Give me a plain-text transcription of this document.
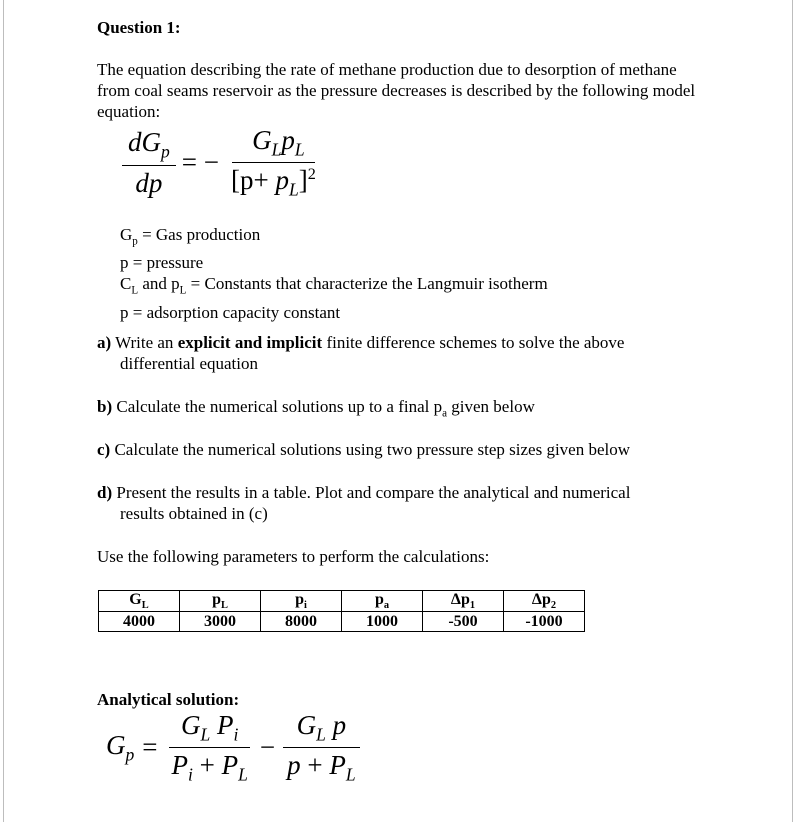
Question 1:
The equation describing the rate of methane production due to desorption of methane from coal seams reservoir as the pressure decreases is described by the following model equation:
$\frac{dG_p}{dp}$ = − $\frac{G_Lp_L}{[p+ p_L]^2}$
$G_p$ = Gas production
p = pressure
$C_L$ and $p_L$ = Constants that characterize the Langmuir isotherm
p = adsorption capacity constant
a) Write an explicit and implicit finite difference schemes to solve the above
differential equation
b) Calculate the numerical solutions up to a final $p_a$ given below
c) Calculate the numerical solutions using two pressure step sizes given below
d) Present the results in a table. Plot and compare the analytical and numerical
results obtained in (c)
Use the following parameters to perform the calculations:
$G_L$	$p_L$	$p_i$	$p_a$	$\Delta p_1$	$\Delta p_2$
4000	3000	8000	1000	-500	-1000
Analytical solution:
$G_p = \frac{G_L P_i}{P_i + P_L} - \frac{G_L p}{p + P_L}$
